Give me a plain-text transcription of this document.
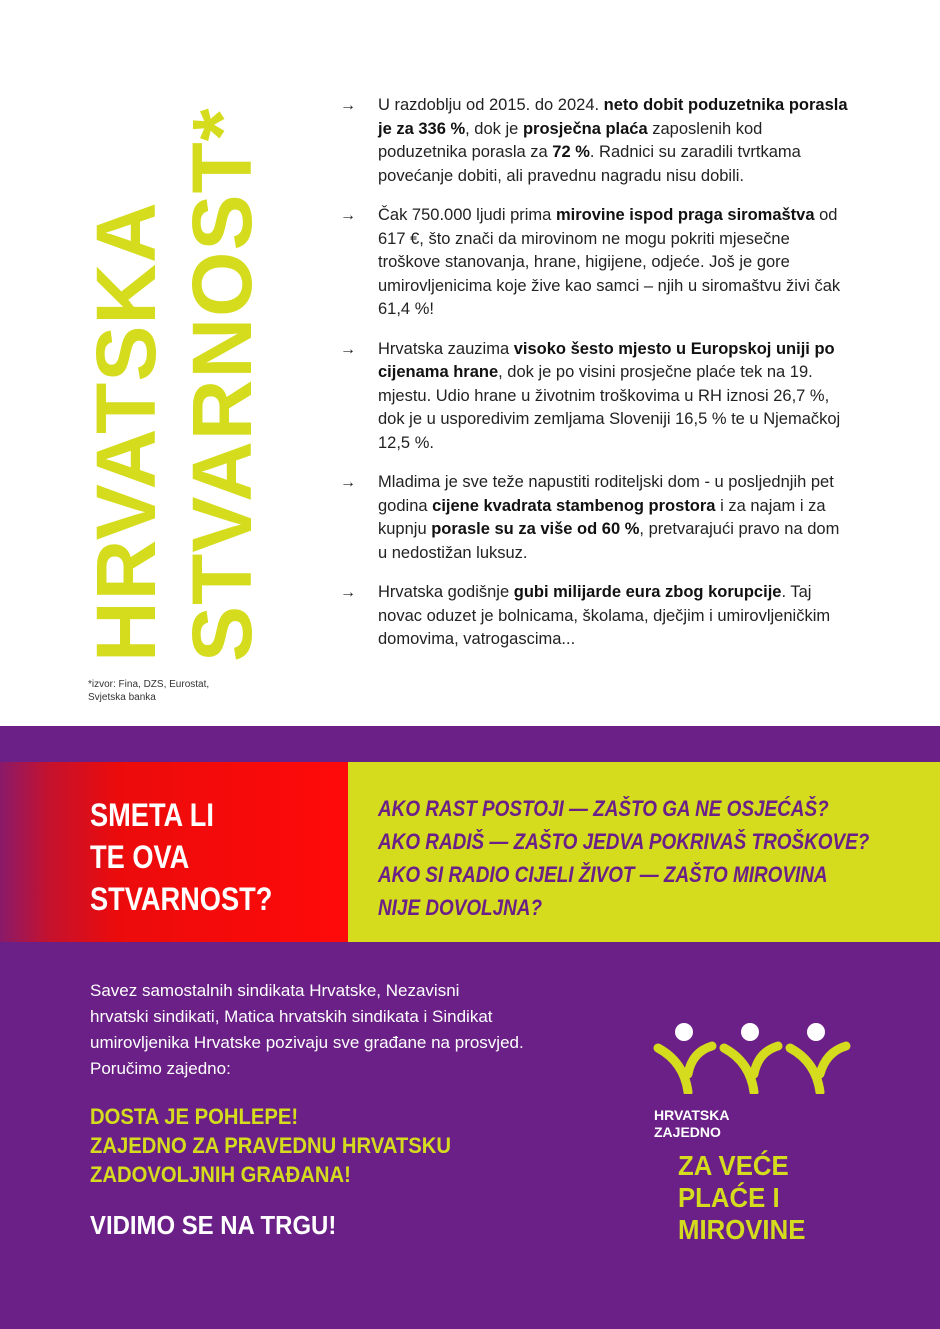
HRVATSKA STVARNOST*
*izvor: Fina, DZS, Eurostat,
Svjetska banka
→ U razdoblju od 2015. do 2024. neto dobit poduzetnika porasla je za 336 %, dok je prosječna plaća zaposlenih kod poduzetnika porasla za 72 %. Radnici su zaradili tvrtkama povećanje dobiti, ali pravednu nagradu nisu dobili.
→ Čak 750.000 ljudi prima mirovine ispod praga siromaštva od 617 €, što znači da mirovinom ne mogu pokriti mjesečne troškove stanovanja, hrane, higijene, odjeće. Još je gore umirovljenicima koje žive kao samci – njih u siromaštvu živi čak 61,4 %!
→ Hrvatska zauzima visoko šesto mjesto u Europskoj uniji po cijenama hrane, dok je po visini prosječne plaće tek na 19. mjestu. Udio hrane u životnim troškovima u RH iznosi 26,7 %, dok je u usporedivim zemljama Sloveniji 16,5 % te u Njemačkoj 12,5 %.
→ Mladima je sve teže napustiti roditeljski dom - u posljednjih pet godina cijene kvadrata stambenog prostora i za najam i za kupnju porasle su za više od 60 %, pretvarajući pravo na dom u nedostižan luksuz.
→ Hrvatska godišnje gubi milijarde eura zbog korupcije. Taj novac oduzet je bolnicama, školama, dječjim i umirovljeničkim domovima, vatrogascima...
SMETA LI
TE OVA
STVARNOST?
AKO RAST POSTOJI — ZAŠTO GA NE OSJEĆAŠ?
AKO RADIŠ — ZAŠTO JEDVA POKRIVAŠ TROŠKOVE?
AKO SI RADIO CIJELI ŽIVOT — ZAŠTO MIROVINA
NIJE DOVOLJNA?
Savez samostalnih sindikata Hrvatske, Nezavisni
hrvatski sindikati, Matica hrvatskih sindikata i Sindikat
umirovljenika Hrvatske pozivaju sve građane na prosvjed.
Poručimo zajedno:
DOSTA JE POHLEPE!
ZAJEDNO ZA PRAVEDNU HRVATSKU
ZADOVOLJNIH GRAĐANA!
VIDIMO SE NA TRGU!
HRVATSKA
ZAJEDNO
ZA VEĆE
PLAĆE I
MIROVINE
